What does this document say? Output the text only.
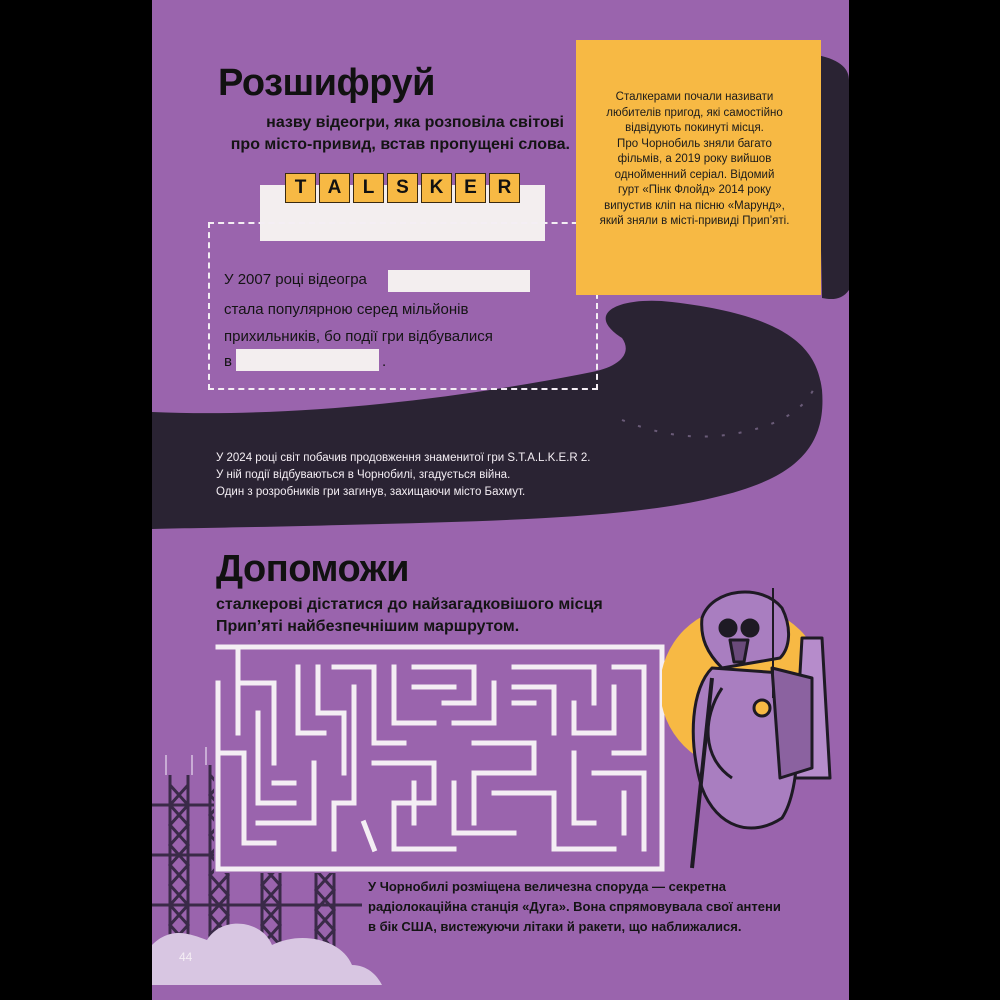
Розшифруй
назву відеогри, яка розповіла світові
про місто-привид, встав пропущені слова.
T	A	L	S	K	E	R
У 2007 році відеогра
стала популярною серед мільйонів
прихильників, бо події гри відбувалися
в	.
Сталкерами почали називати
любителів пригод, які самостійно
відвідують покинуті місця.
Про Чорнобиль зняли багато
фільмів, а 2019 року вийшов
однойменний серіал. Відомий
гурт «Пінк Флойд» 2014 року
випустив кліп на пісню «Марунд»,
який зняли в місті-привиді Прип’яті.
У 2024 році світ побачив продовження знаменитої гри S.T.A.L.K.E.R 2.
У ній події відбуваються в Чорнобилі, згадується війна.
Один з розробників гри загинув, захищаючи місто Бахмут.
Допоможи
сталкерові дістатися до найзагадковішого місця
Прип’яті найбезпечнішим маршрутом.
У Чорнобилі розміщена величезна споруда — секретна
радіолокаційна станція «Дуга». Вона спрямовувала свої антени
в бік США, вистежуючи літаки й ракети, що наближалися.
44
